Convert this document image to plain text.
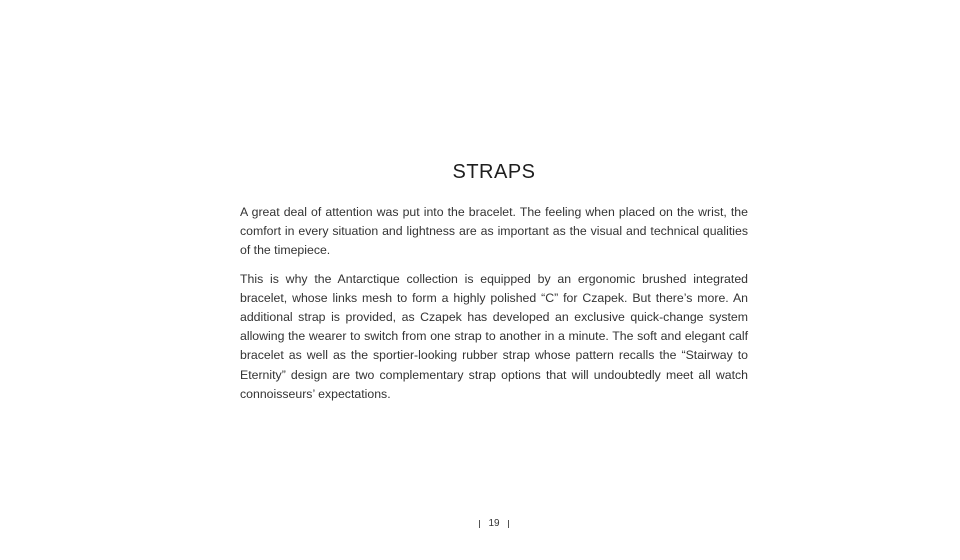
STRAPS

A great deal of attention was put into the bracelet. The feeling when placed on the wrist, the comfort in every situation and lightness are as important as the visual and technical qualities of the timepiece.

This is why the Antarctique collection is equipped by an ergonomic brushed integrated bracelet, whose links mesh to form a highly polished “C” for Czapek. But there’s more. An additional strap is provided, as Czapek has developed an exclusive quick-change system allowing the wearer to switch from one strap to another in a minute. The soft and elegant calf bracelet as well as the sportier-looking rubber strap whose pattern recalls the “Stairway to Eternity” design are two complementary strap options that will undoubtedly meet all watch connoisseurs’ expectations.

19
